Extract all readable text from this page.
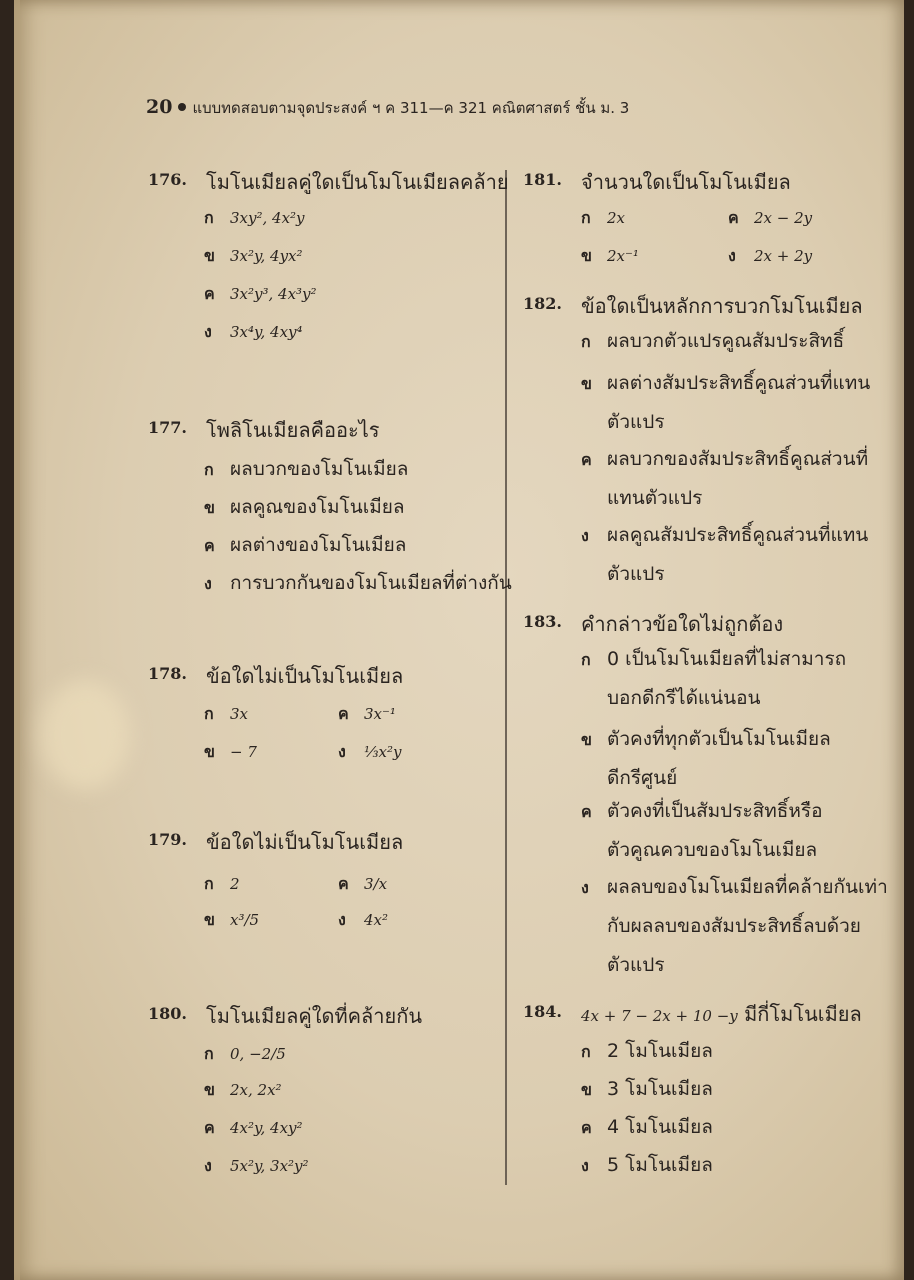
20 แบบทดสอบตามจุดประสงค์ ฯ ค 311—ค 321 คณิตศาสตร์ ชั้น ม. 3
176. โมโนเมียลคู่ใดเป็นโมโนเมียลคล้าย
ก 3xy², 4x²y
ข 3x²y, 4yx²
ค 3x²y³, 4x³y²
ง 3x⁴y, 4xy⁴
177. โพลิโนเมียลคืออะไร
ก ผลบวกของโมโนเมียล
ข ผลคูณของโมโนเมียล
ค ผลต่างของโมโนเมียล
ง การบวกกันของโมโนเมียลที่ต่างกัน
178. ข้อใดไม่เป็นโมโนเมียล
ก 3x	ค 3x⁻¹
ข − 7	ง ⅓x²y
179. ข้อใดไม่เป็นโมโนเมียล
ก 2	ค 3/x
ข x³/5	ง 4x²
180. โมโนเมียลคู่ใดที่คล้ายกัน
ก 0, −2/5
ข 2x, 2x²
ค 4x²y, 4xy²
ง 5x²y, 3x²y²
181. จำนวนใดเป็นโมโนเมียล
ก 2x	ค 2x − 2y
ข 2x⁻¹	ง 2x + 2y
182. ข้อใดเป็นหลักการบวกโมโนเมียล
ก ผลบวกตัวแปรคูณสัมประสิทธิ์
ข ผลต่างสัมประสิทธิ์คูณส่วนที่แทน
ตัวแปร
ค ผลบวกของสัมประสิทธิ์คูณส่วนที่
แทนตัวแปร
ง ผลคูณสัมประสิทธิ์คูณส่วนที่แทน
ตัวแปร
183. คำกล่าวข้อใดไม่ถูกต้อง
ก 0 เป็นโมโนเมียลที่ไม่สามารถ
บอกดีกรีได้แน่นอน
ข ตัวคงที่ทุกตัวเป็นโมโนเมียล
ดีกรีศูนย์
ค ตัวคงที่เป็นสัมประสิทธิ์หรือ
ตัวคูณควบของโมโนเมียล
ง ผลลบของโมโนเมียลที่คล้ายกันเท่า
กับผลลบของสัมประสิทธิ์ลบด้วย
ตัวแปร
184. 4x + 7 − 2x + 10 −y มีกี่โมโนเมียล
ก 2 โมโนเมียล
ข 3 โมโนเมียล
ค 4 โมโนเมียล
ง 5 โมโนเมียล
